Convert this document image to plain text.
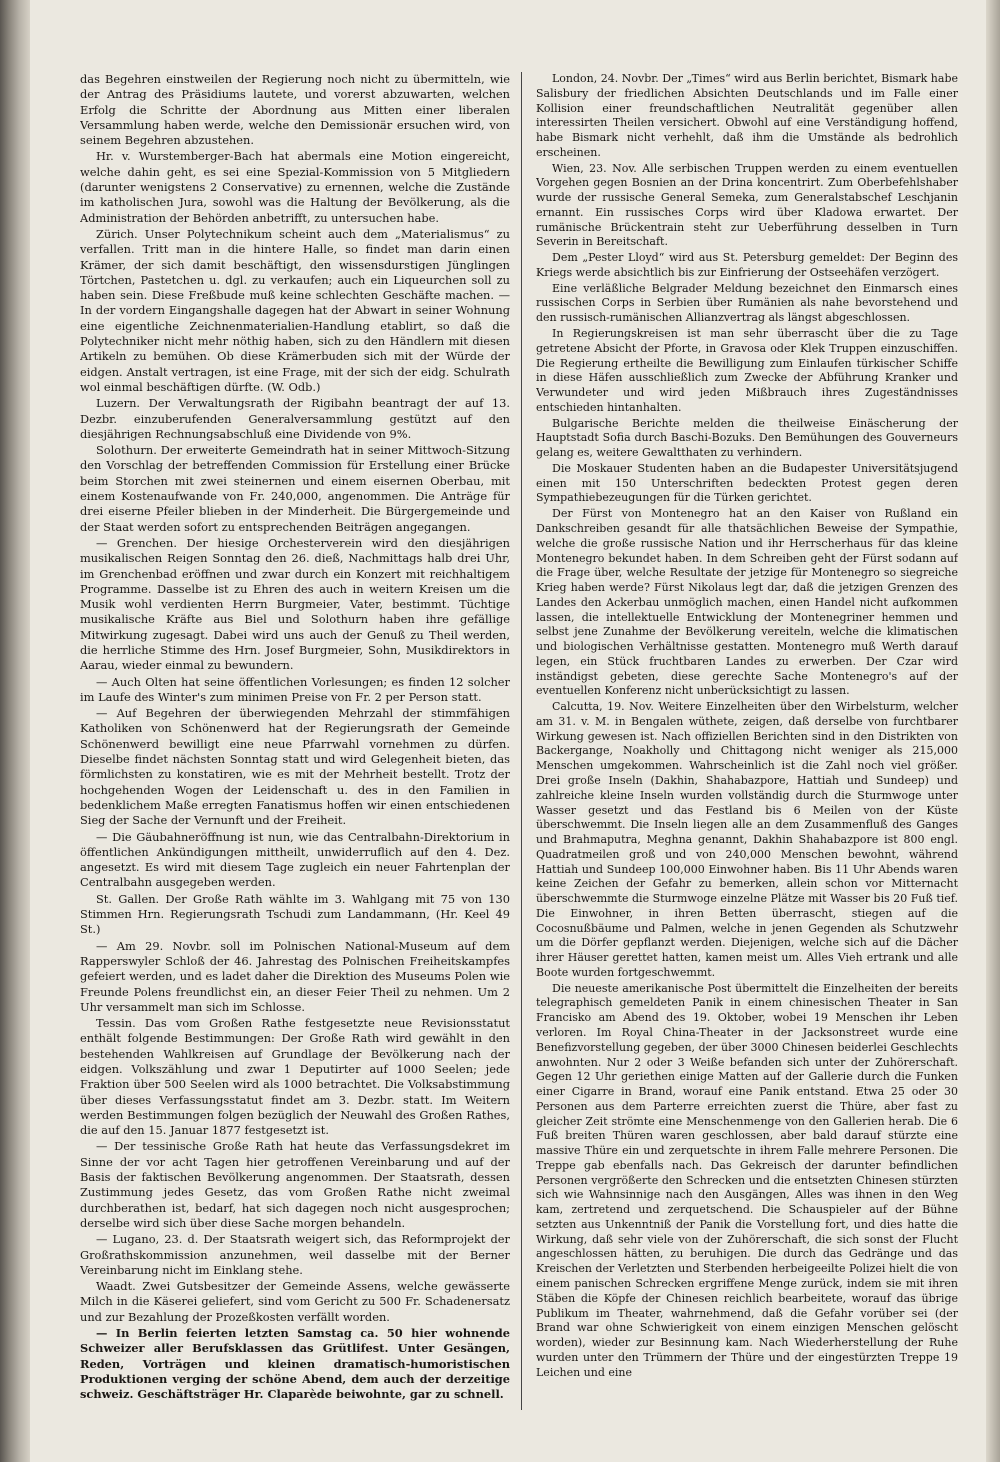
das Begehren einstweilen der Regierung noch nicht zu übermitteln, wie der Antrag des Präsidiums lautete, und vorerst abzuwarten, welchen Erfolg die Schritte der Abordnung aus Mitten einer liberalen Versammlung haben werde, welche den Demissionär ersuchen wird, von seinem Begehren abzustehen.

Hr. v. Wurstemberger-Bach hat abermals eine Motion eingereicht, welche dahin geht, es sei eine Spezial-Kommission von 5 Mitgliedern (darunter wenigstens 2 Conservative) zu ernennen, welche die Zustände im katholischen Jura, sowohl was die Haltung der Bevölkerung, als die Administration der Behörden anbetrifft, zu untersuchen habe.

Zürich. Unser Polytechnikum scheint auch dem „Materialismus“ zu verfallen. Tritt man in die hintere Halle, so findet man darin einen Krämer, der sich damit beschäftigt, den wissensdurstigen Jünglingen Törtchen, Pastetchen u. dgl. zu verkaufen; auch ein Liqueurchen soll zu haben sein. Diese Freßbude muß keine schlechten Geschäfte machen. — In der vordern Eingangshalle dagegen hat der Abwart in seiner Wohnung eine eigentliche Zeichnenmaterialien-Handlung etablirt, so daß die Polytechniker nicht mehr nöthig haben, sich zu den Händlern mit diesen Artikeln zu bemühen. Ob diese Krämerbuden sich mit der Würde der eidgen. Anstalt vertragen, ist eine Frage, mit der sich der eidg. Schulrath wol einmal beschäftigen dürfte. (W. Odb.)

Luzern. Der Verwaltungsrath der Rigibahn beantragt der auf 13. Dezbr. einzuberufenden Generalversammlung gestützt auf den diesjährigen Rechnungsabschluß eine Dividende von 9%.

Solothurn. Der erweiterte Gemeindrath hat in seiner Mittwoch-Sitzung den Vorschlag der betreffenden Commission für Erstellung einer Brücke beim Storchen mit zwei steinernen und einem eisernen Oberbau, mit einem Kostenaufwande von Fr. 240,000, angenommen. Die Anträge für drei eiserne Pfeiler blieben in der Minderheit. Die Bürgergemeinde und der Staat werden sofort zu entsprechenden Beiträgen angegangen.

— Grenchen. Der hiesige Orchesterverein wird den diesjährigen musikalischen Reigen Sonntag den 26. dieß, Nachmittags halb drei Uhr, im Grenchenbad eröffnen und zwar durch ein Konzert mit reichhaltigem Programme. Dasselbe ist zu Ehren des auch in weitern Kreisen um die Musik wohl verdienten Herrn Burgmeier, Vater, bestimmt. Tüchtige musikalische Kräfte aus Biel und Solothurn haben ihre gefällige Mitwirkung zugesagt. Dabei wird uns auch der Genuß zu Theil werden, die herrliche Stimme des Hrn. Josef Burgmeier, Sohn, Musikdirektors in Aarau, wieder einmal zu bewundern.

— Auch Olten hat seine öffentlichen Vorlesungen; es finden 12 solcher im Laufe des Winter's zum minimen Preise von Fr. 2 per Person statt.

— Auf Begehren der überwiegenden Mehrzahl der stimmfähigen Katholiken von Schönenwerd hat der Regierungsrath der Gemeinde Schönenwerd bewilligt eine neue Pfarrwahl vornehmen zu dürfen. Dieselbe findet nächsten Sonntag statt und wird Gelegenheit bieten, das förmlichsten zu konstatiren, wie es mit der Mehrheit bestellt. Trotz der hochgehenden Wogen der Leidenschaft u. des in den Familien in bedenklichem Maße erregten Fanatismus hoffen wir einen entschiedenen Sieg der Sache der Vernunft und der Freiheit.

— Die Gäubahneröffnung ist nun, wie das Centralbahn-Direktorium in öffentlichen Ankündigungen mittheilt, unwiderruflich auf den 4. Dez. angesetzt. Es wird mit diesem Tage zugleich ein neuer Fahrtenplan der Centralbahn ausgegeben werden.

St. Gallen. Der Große Rath wählte im 3. Wahlgang mit 75 von 130 Stimmen Hrn. Regierungsrath Tschudi zum Landammann, (Hr. Keel 49 St.)

— Am 29. Novbr. soll im Polnischen National-Museum auf dem Rapperswyler Schloß der 46. Jahrestag des Polnischen Freiheitskampfes gefeiert werden, und es ladet daher die Direktion des Museums Polen wie Freunde Polens freundlichst ein, an dieser Feier Theil zu nehmen. Um 2 Uhr versammelt man sich im Schlosse.

Tessin. Das vom Großen Rathe festgesetzte neue Revisionsstatut enthält folgende Bestimmungen: Der Große Rath wird gewählt in den bestehenden Wahlkreisen auf Grundlage der Bevölkerung nach der eidgen. Volkszählung und zwar 1 Deputirter auf 1000 Seelen; jede Fraktion über 500 Seelen wird als 1000 betrachtet. Die Volksabstimmung über dieses Verfassungsstatut findet am 3. Dezbr. statt. Im Weitern werden Bestimmungen folgen bezüglich der Neuwahl des Großen Rathes, die auf den 15. Januar 1877 festgesetzt ist.

— Der tessinische Große Rath hat heute das Verfassungsdekret im Sinne der vor acht Tagen hier getroffenen Vereinbarung und auf der Basis der faktischen Bevölkerung angenommen. Der Staatsrath, dessen Zustimmung jedes Gesetz, das vom Großen Rathe nicht zweimal durchberathen ist, bedarf, hat sich dagegen noch nicht ausgesprochen; derselbe wird sich über diese Sache morgen behandeln.

— Lugano, 23. d. Der Staatsrath weigert sich, das Reformprojekt der Großrathskommission anzunehmen, weil dasselbe mit der Berner Vereinbarung nicht im Einklang stehe.

Waadt. Zwei Gutsbesitzer der Gemeinde Assens, welche gewässerte Milch in die Käserei geliefert, sind vom Gericht zu 500 Fr. Schadenersatz und zur Bezahlung der Prozeßkosten verfällt worden.

— In Berlin feierten letzten Samstag ca. 50 hier wohnende Schweizer aller Berufsklassen das Grütlifest. Unter Gesängen, Reden, Vorträgen und kleinen dramatisch-humoristischen Produktionen verging der schöne Abend, dem auch der derzeitige schweiz. Geschäftsträger Hr. Claparède beiwohnte, gar zu schnell.

London, 24. Novbr. Der „Times“ wird aus Berlin berichtet, Bismark habe Salisbury der friedlichen Absichten Deutschlands und im Falle einer Kollision einer freundschaftlichen Neutralität gegenüber allen interessirten Theilen versichert. Obwohl auf eine Verständigung hoffend, habe Bismark nicht verhehlt, daß ihm die Umstände als bedrohlich erscheinen.

Wien, 23. Nov. Alle serbischen Truppen werden zu einem eventuellen Vorgehen gegen Bosnien an der Drina koncentrirt. Zum Oberbefehlshaber wurde der russische General Semeka, zum Generalstabschef Leschjanin ernannt. Ein russisches Corps wird über Kladowa erwartet. Der rumänische Brückentrain steht zur Ueberführung desselben in Turn Severin in Bereitschaft.

Dem „Pester Lloyd“ wird aus St. Petersburg gemeldet: Der Beginn des Kriegs werde absichtlich bis zur Einfrierung der Ostseehäfen verzögert.

Eine verläßliche Belgrader Meldung bezeichnet den Einmarsch eines russischen Corps in Serbien über Rumänien als nahe bevorstehend und den russisch-rumänischen Allianzvertrag als längst abgeschlossen.

In Regierungskreisen ist man sehr überrascht über die zu Tage getretene Absicht der Pforte, in Gravosa oder Klek Truppen einzuschiffen. Die Regierung ertheilte die Bewilligung zum Einlaufen türkischer Schiffe in diese Häfen ausschließlich zum Zwecke der Abführung Kranker und Verwundeter und wird jeden Mißbrauch ihres Zugeständnisses entschieden hintanhalten.

Bulgarische Berichte melden die theilweise Einäscherung der Hauptstadt Sofia durch Baschi-Bozuks. Den Bemühungen des Gouverneurs gelang es, weitere Gewaltthaten zu verhindern.

Die Moskauer Studenten haben an die Budapester Universitätsjugend einen mit 150 Unterschriften bedeckten Protest gegen deren Sympathiebezeugungen für die Türken gerichtet.

Der Fürst von Montenegro hat an den Kaiser von Rußland ein Dankschreiben gesandt für alle thatsächlichen Beweise der Sympathie, welche die große russische Nation und ihr Herrscherhaus für das kleine Montenegro bekundet haben. In dem Schreiben geht der Fürst sodann auf die Frage über, welche Resultate der jetzige für Montenegro so siegreiche Krieg haben werde? Fürst Nikolaus legt dar, daß die jetzigen Grenzen des Landes den Ackerbau unmöglich machen, einen Handel nicht aufkommen lassen, die intellektuelle Entwicklung der Montenegriner hemmen und selbst jene Zunahme der Bevölkerung vereiteln, welche die klimatischen und biologischen Verhältnisse gestatten. Montenegro muß Werth darauf legen, ein Stück fruchtbaren Landes zu erwerben. Der Czar wird inständigst gebeten, diese gerechte Sache Montenegro's auf der eventuellen Konferenz nicht unberücksichtigt zu lassen.

Calcutta, 19. Nov. Weitere Einzelheiten über den Wirbelsturm, welcher am 31. v. M. in Bengalen wüthete, zeigen, daß derselbe von furchtbarer Wirkung gewesen ist. Nach offiziellen Berichten sind in den Distrikten von Backergange, Noakholly und Chittagong nicht weniger als 215,000 Menschen umgekommen. Wahrscheinlich ist die Zahl noch viel größer. Drei große Inseln (Dakhin, Shahabazpore, Hattiah und Sundeep) und zahlreiche kleine Inseln wurden vollständig durch die Sturmwoge unter Wasser gesetzt und das Festland bis 6 Meilen von der Küste überschwemmt. Die Inseln liegen alle an dem Zusammenfluß des Ganges und Brahmaputra, Meghna genannt, Dakhin Shahabazpore ist 800 engl. Quadratmeilen groß und von 240,000 Menschen bewohnt, während Hattiah und Sundeep 100,000 Einwohner haben. Bis 11 Uhr Abends waren keine Zeichen der Gefahr zu bemerken, allein schon vor Mitternacht überschwemmte die Sturmwoge einzelne Plätze mit Wasser bis 20 Fuß tief. Die Einwohner, in ihren Betten überrascht, stiegen auf die Cocosnußbäume und Palmen, welche in jenen Gegenden als Schutzwehr um die Dörfer gepflanzt werden. Diejenigen, welche sich auf die Dächer ihrer Häuser gerettet hatten, kamen meist um. Alles Vieh ertrank und alle Boote wurden fortgeschwemmt.

Die neueste amerikanische Post übermittelt die Einzelheiten der bereits telegraphisch gemeldeten Panik in einem chinesischen Theater in San Francisko am Abend des 19. Oktober, wobei 19 Menschen ihr Leben verloren. Im Royal China-Theater in der Jacksonstreet wurde eine Benefizvorstellung gegeben, der über 3000 Chinesen beiderlei Geschlechts anwohnten. Nur 2 oder 3 Weiße befanden sich unter der Zuhörerschaft. Gegen 12 Uhr geriethen einige Matten auf der Gallerie durch die Funken einer Cigarre in Brand, worauf eine Panik entstand. Etwa 25 oder 30 Personen aus dem Parterre erreichten zuerst die Thüre, aber fast zu gleicher Zeit strömte eine Menschenmenge von den Gallerien herab. Die 6 Fuß breiten Thüren waren geschlossen, aber bald darauf stürzte eine massive Thüre ein und zerquetschte in ihrem Falle mehrere Personen. Die Treppe gab ebenfalls nach. Das Gekreisch der darunter befindlichen Personen vergrößerte den Schrecken und die entsetzten Chinesen stürzten sich wie Wahnsinnige nach den Ausgängen, Alles was ihnen in den Weg kam, zertretend und zerquetschend. Die Schauspieler auf der Bühne setzten aus Unkenntniß der Panik die Vorstellung fort, und dies hatte die Wirkung, daß sehr viele von der Zuhörerschaft, die sich sonst der Flucht angeschlossen hätten, zu beruhigen. Die durch das Gedränge und das Kreischen der Verletzten und Sterbenden herbeigeeilte Polizei hielt die von einem panischen Schrecken ergriffene Menge zurück, indem sie mit ihren Stäben die Köpfe der Chinesen reichlich bearbeitete, worauf das übrige Publikum im Theater, wahrnehmend, daß die Gefahr vorüber sei (der Brand war ohne Schwierigkeit von einem einzigen Menschen gelöscht worden), wieder zur Besinnung kam. Nach Wiederherstellung der Ruhe wurden unter den Trümmern der Thüre und der eingestürzten Treppe 19 Leichen und eine
